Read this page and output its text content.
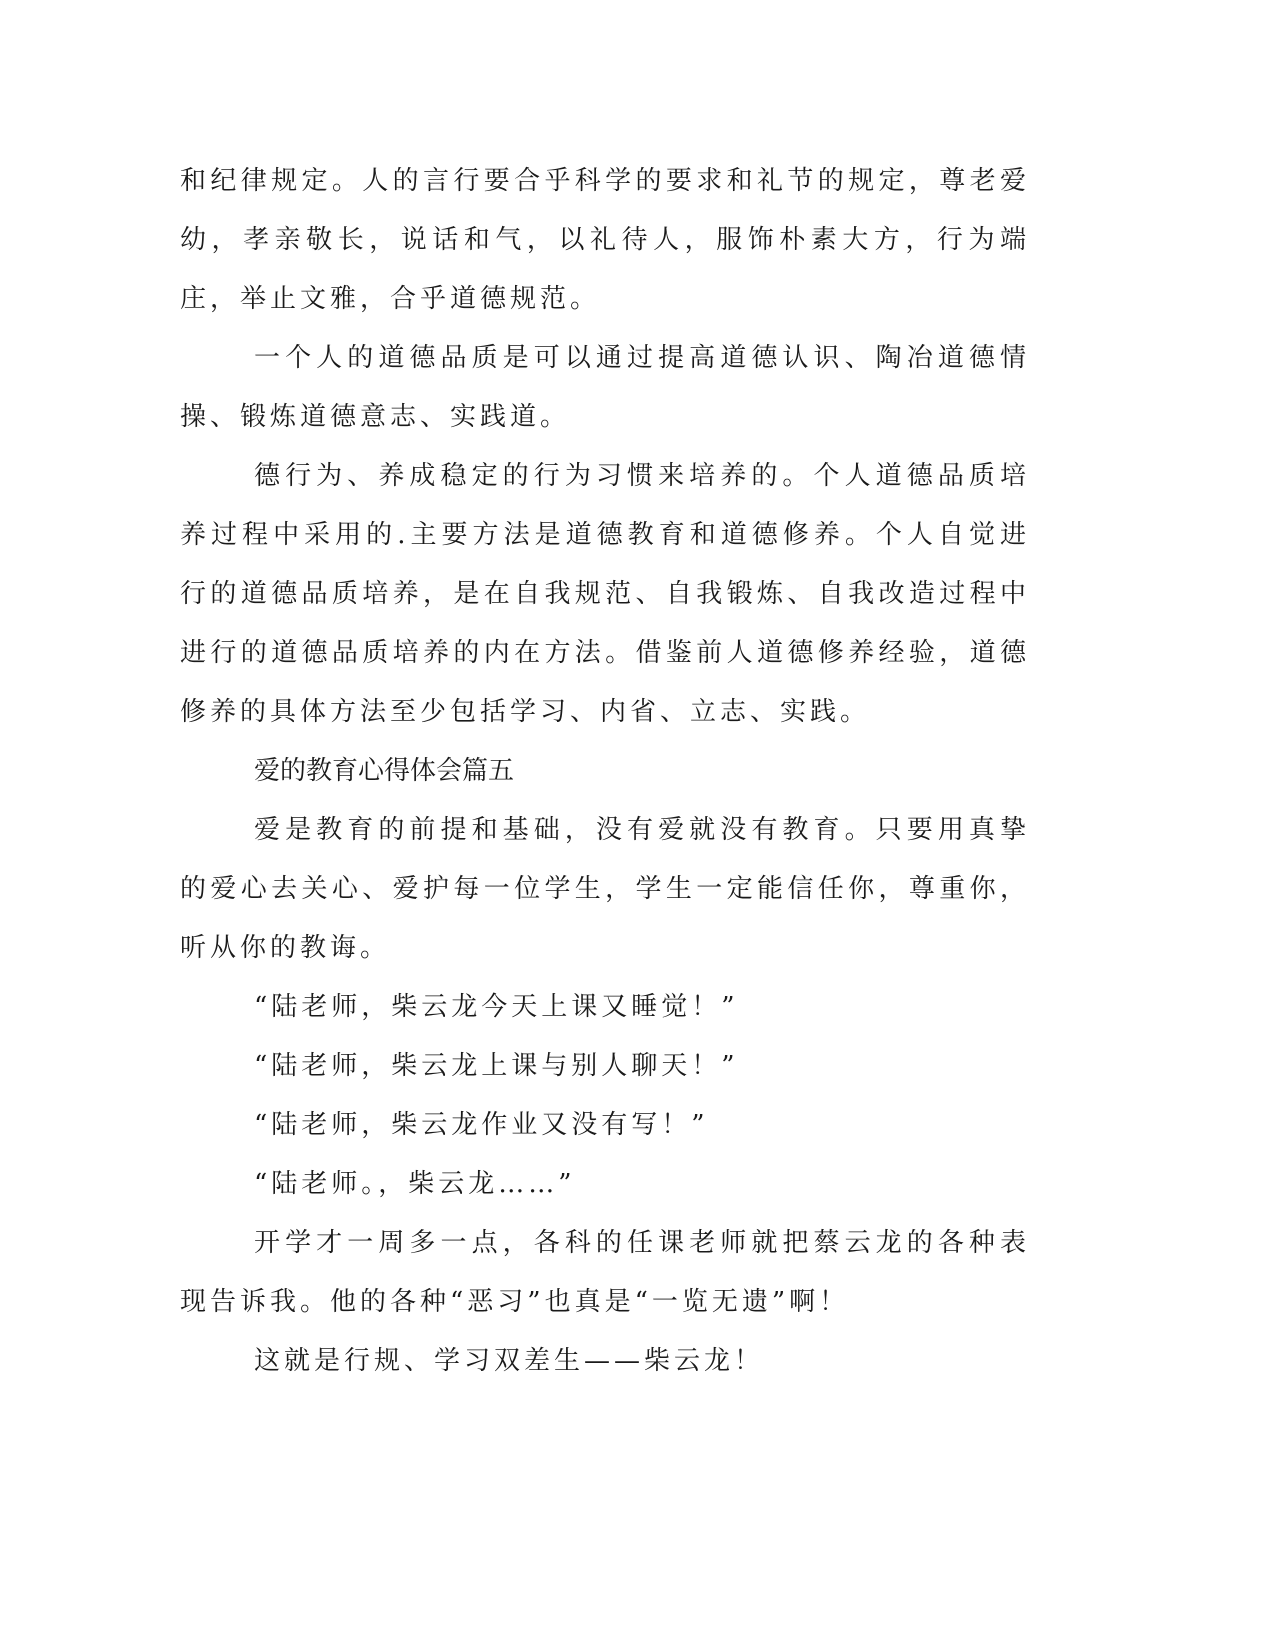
和纪律规定。人的言行要合乎科学的要求和礼节的规定，尊老爱幼，孝亲敬长，说话和气，以礼待人，服饰朴素大方，行为端庄，举止文雅，合乎道德规范。

一个人的道德品质是可以通过提高道德认识、陶冶道德情操、锻炼道德意志、实践道。

德行为、养成稳定的行为习惯来培养的。个人道德品质培养过程中采用的.主要方法是道德教育和道德修养。个人自觉进行的道德品质培养，是在自我规范、自我锻炼、自我改造过程中进行的道德品质培养的内在方法。借鉴前人道德修养经验，道德修养的具体方法至少包括学习、内省、立志、实践。

爱的教育心得体会篇五

爱是教育的前提和基础，没有爱就没有教育。只要用真挚的爱心去关心、爱护每一位学生，学生一定能信任你，尊重你，听从你的教诲。

“陆老师，柴云龙今天上课又睡觉！”

“陆老师，柴云龙上课与别人聊天！”

“陆老师，柴云龙作业又没有写！”

“陆老师。，柴云龙……”

开学才一周多一点，各科的任课老师就把蔡云龙的各种表现告诉我。他的各种“恶习”也真是“一览无遗”啊！

这就是行规、学习双差生——柴云龙！
